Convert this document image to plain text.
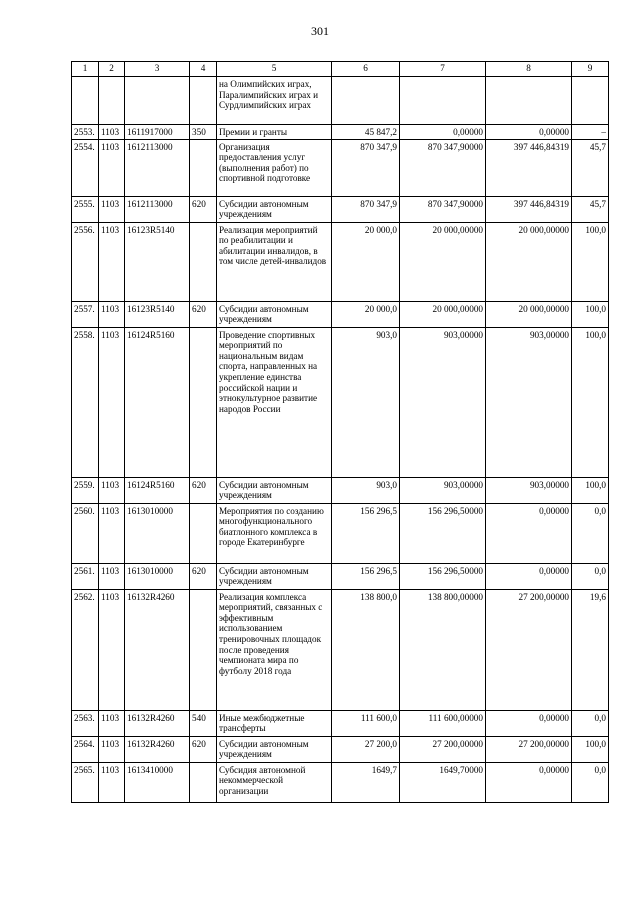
301
1	2	3	4	5	6	7	8	9
				на Олимпийских играх, Паралимпийских играх и Сурдлимпийских играх				
2553.	1103	1611917000	350	Премии и гранты	45 847,2	0,00000	0,00000	–
2554.	1103	1612113000		Организация предоставления услуг (выполнения работ) по спортивной подготовке	870 347,9	870 347,90000	397 446,84319	45,7
2555.	1103	1612113000	620	Субсидии автономным учреждениям	870 347,9	870 347,90000	397 446,84319	45,7
2556.	1103	16123R5140		Реализация мероприятий по реабилитации и абилитации инвалидов, в том числе детей-инвалидов	20 000,0	20 000,00000	20 000,00000	100,0
2557.	1103	16123R5140	620	Субсидии автономным учреждениям	20 000,0	20 000,00000	20 000,00000	100,0
2558.	1103	16124R5160		Проведение спортивных мероприятий по национальным видам спорта, направленных на укрепление единства российской нации и этнокультурное развитие народов России	903,0	903,00000	903,00000	100,0
2559.	1103	16124R5160	620	Субсидии автономным учреждениям	903,0	903,00000	903,00000	100,0
2560.	1103	1613010000		Мероприятия по созданию многофункционального биатлонного комплекса в городе Екатеринбурге	156 296,5	156 296,50000	0,00000	0,0
2561.	1103	1613010000	620	Субсидии автономным учреждениям	156 296,5	156 296,50000	0,00000	0,0
2562.	1103	16132R4260		Реализация комплекса мероприятий, связанных с эффективным использованием тренировочных площадок после проведения чемпионата мира по футболу 2018 года	138 800,0	138 800,00000	27 200,00000	19,6
2563.	1103	16132R4260	540	Иные межбюджетные трансферты	111 600,0	111 600,00000	0,00000	0,0
2564.	1103	16132R4260	620	Субсидии автономным учреждениям	27 200,0	27 200,00000	27 200,00000	100,0
2565.	1103	1613410000		Субсидия автономной некоммерческой организации	1649,7	1649,70000	0,00000	0,0
